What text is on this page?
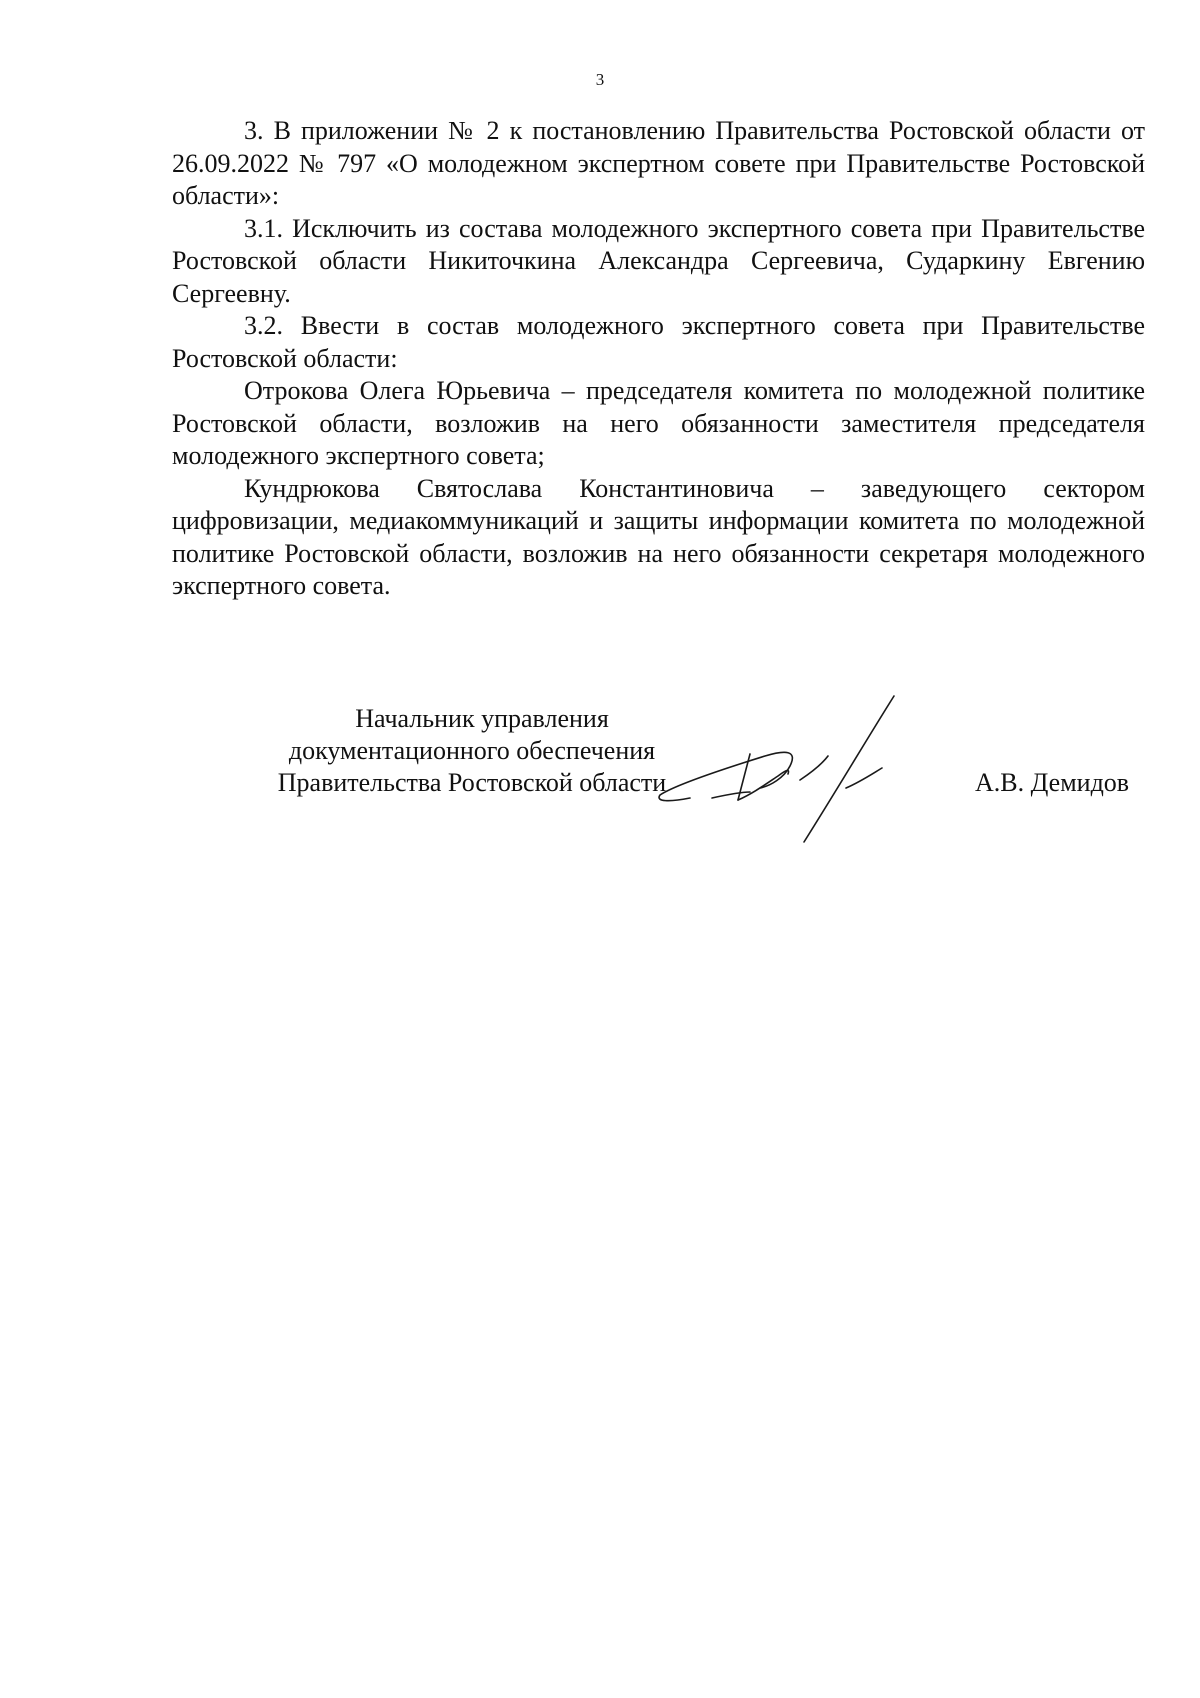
3

3. В приложении № 2 к постановлению Правительства Ростовской области от 26.09.2022 № 797 «О молодежном экспертном совете при Правительстве Ростовской области»:

3.1. Исключить из состава молодежного экспертного совета при Правительстве Ростовской области Никиточкина Александра Сергеевича, Сударкину Евгению Сергеевну.

3.2. Ввести в состав молодежного экспертного совета при Правительстве Ростовской области:

Отрокова Олега Юрьевича – председателя комитета по молодежной политике Ростовской области, возложив на него обязанности заместителя председателя молодежного экспертного совета;

Кундрюкова Святослава Константиновича – заведующего сектором цифровизации, медиакоммуникаций и защиты информации комитета по молодежной политике Ростовской области, возложив на него обязанности секретаря молодежного экспертного совета.

Начальник управления
документационного обеспечения
Правительства Ростовской области	А.В. Демидов
